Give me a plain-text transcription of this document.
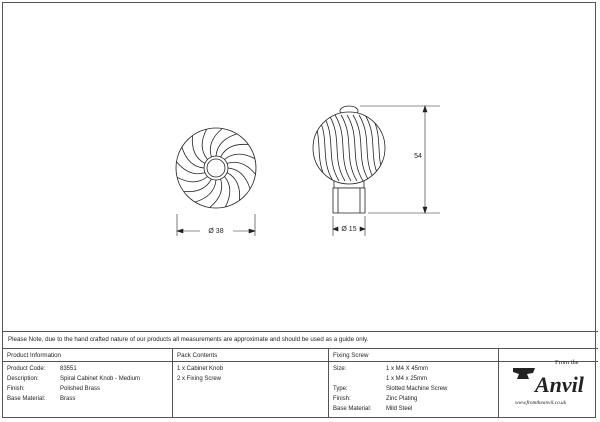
Ø 38	Ø 15
54
Please Note, due to the hand crafted nature of our products all measurements are approximate and should be used as a guide only.
Product Information
Product Code: 83551
Description:	Spiral Cabinet Knob - Medium
Finish:	Polished Brass
Base Material: Brass
Pack Contents
1 x Cabinet Knob
2 x Fixing Screw
Fixing Screw
Size:	1 x M4 X 45mm
1 x M4 x 25mm
Type:	Slotted Machine Screw
Finish:	Zinc Plating
Base Material: Mild Steel
From the
Anvil
www.fromtheanvil.co.uk
